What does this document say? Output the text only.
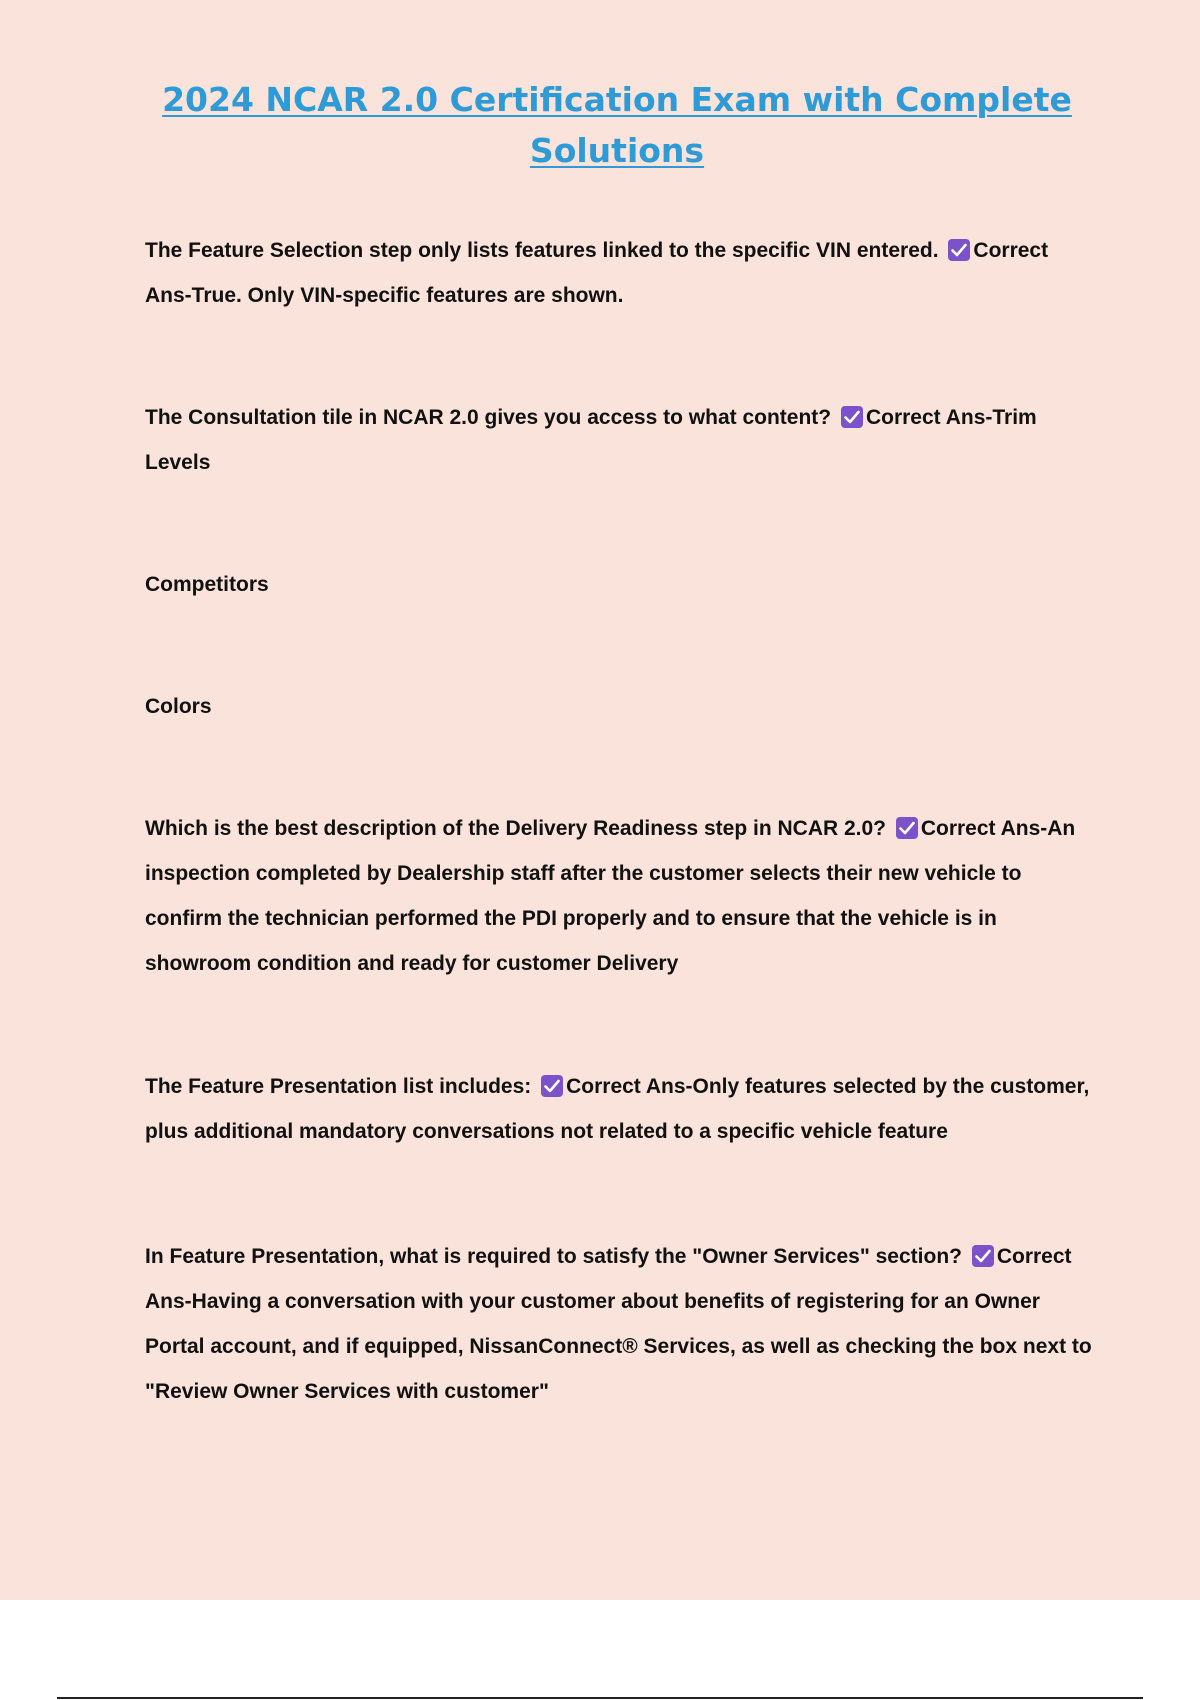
2024 NCAR 2.0 Certification Exam with Complete
Solutions

The Feature Selection step only lists features linked to the specific VIN entered. Correct
Ans-True. Only VIN-specific features are shown.

The Consultation tile in NCAR 2.0 gives you access to what content? Correct Ans-Trim
Levels

Competitors

Colors

Which is the best description of the Delivery Readiness step in NCAR 2.0? Correct Ans-An
inspection completed by Dealership staff after the customer selects their new vehicle to
confirm the technician performed the PDI properly and to ensure that the vehicle is in
showroom condition and ready for customer Delivery

The Feature Presentation list includes: Correct Ans-Only features selected by the customer,
plus additional mandatory conversations not related to a specific vehicle feature

In Feature Presentation, what is required to satisfy the "Owner Services" section? Correct
Ans-Having a conversation with your customer about benefits of registering for an Owner
Portal account, and if equipped, NissanConnect® Services, as well as checking the box next to
"Review Owner Services with customer"
